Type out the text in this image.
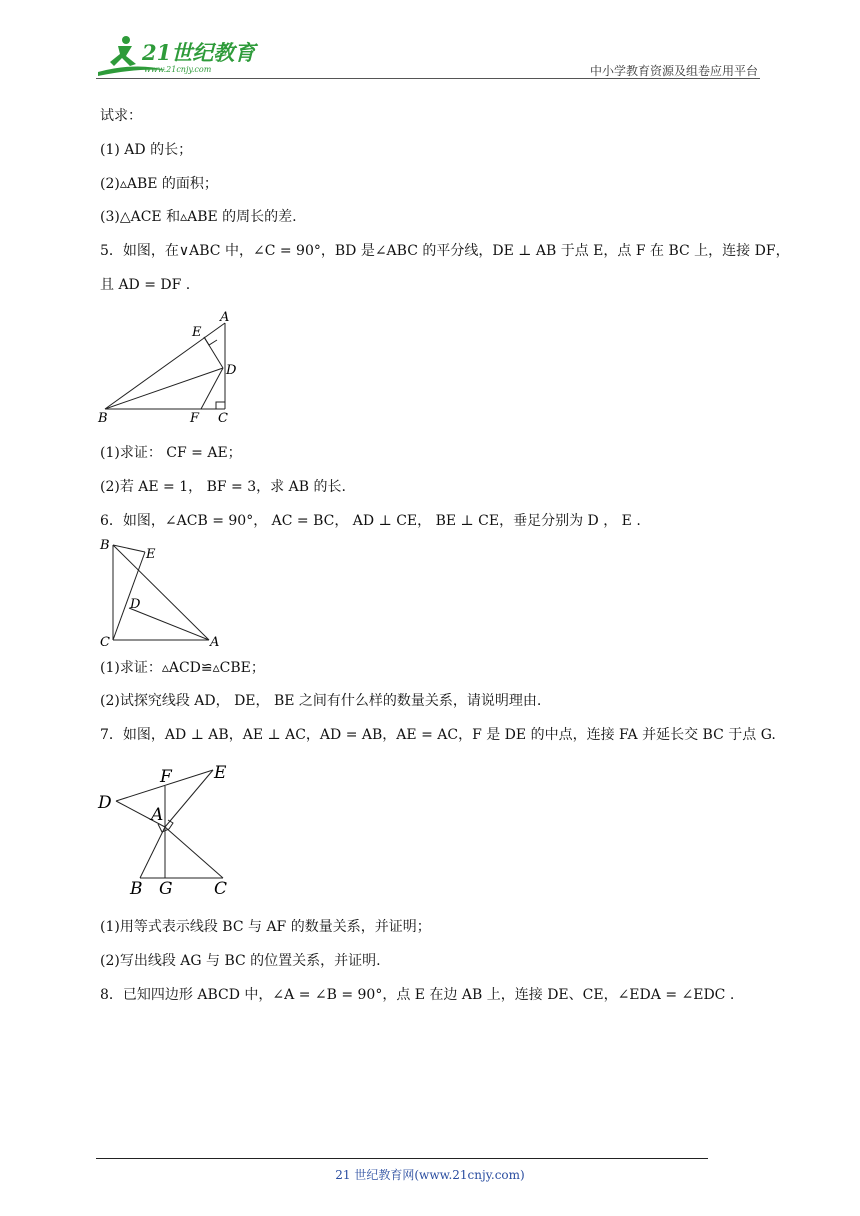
21世纪教育
www.21cnjy.com	中小学教育资源及组卷应用平台
试求：
(1) AD 的长；
(2)▵ABE 的面积；
(3)△ACE 和▵ABE 的周长的差.
5．如图，在∨ABC 中，∠C = 90°，BD 是∠ABC 的平分线，DE ⊥ AB 于点 E，点 F 在 BC 上，连接 DF，
且 AD = DF .
A
B	C
D
E
F
(1)求证： CF = AE；
(2)若 AE = 1， BF = 3，求 AB 的长.
6．如图，∠ACB = 90°， AC = BC， AD ⊥ CE， BE ⊥ CE，垂足分别为 D ， E .
A
B
C
D
E
(1)求证：▵ACD≌▵CBE；
(2)试探究线段 AD， DE， BE 之间有什么样的数量关系，请说明理由.
7．如图，AD ⊥ AB，AE ⊥ AC，AD = AB，AE = AC，F 是 DE 的中点，连接 FA 并延长交 BC 于点 G.
A
B	C
D
E
F
G
(1)用等式表示线段 BC 与 AF 的数量关系，并证明；
(2)写出线段 AG 与 BC 的位置关系，并证明.
8．已知四边形 ABCD 中，∠A = ∠B = 90°，点 E 在边 AB 上，连接 DE、CE，∠EDA = ∠EDC .
21 世纪教育网(www.21cnjy.com)
